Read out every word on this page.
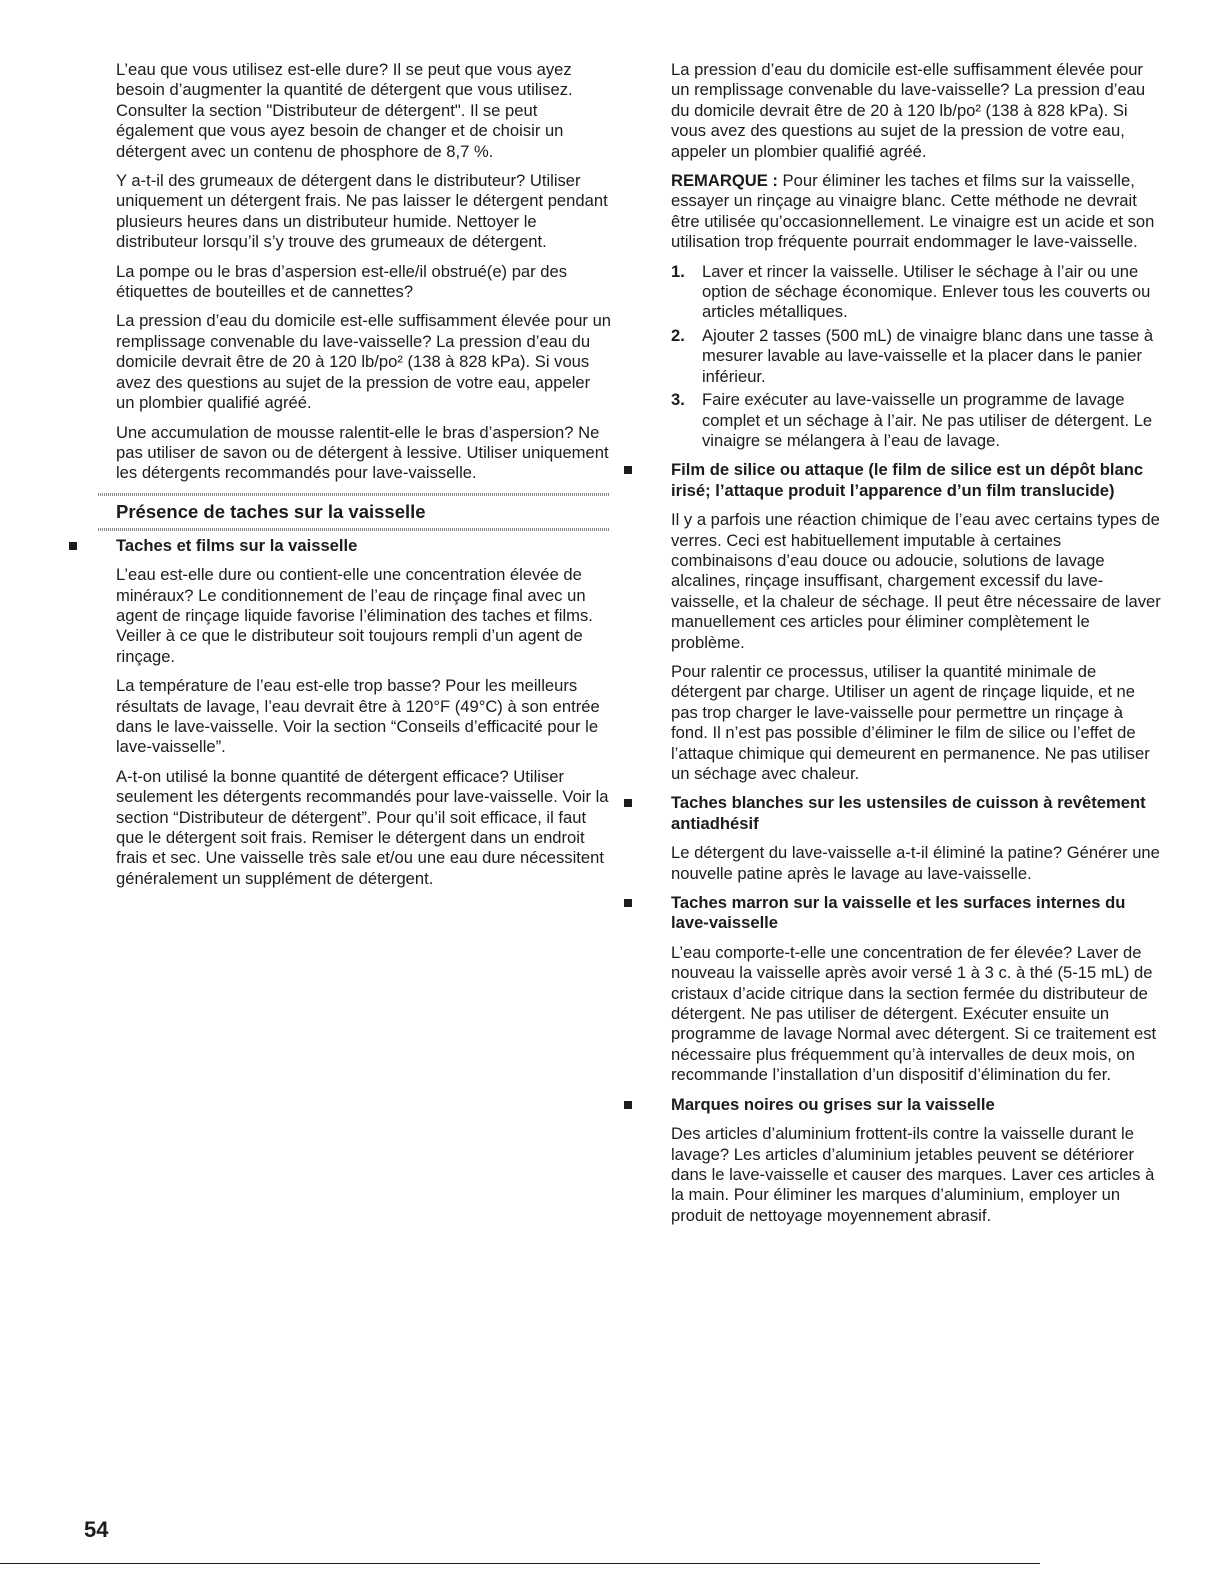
L’eau que vous utilisez est-elle dure? Il se peut que vous ayez besoin d’augmenter la quantité de détergent que vous utilisez. Consulter la section "Distributeur de détergent". Il se peut également que vous ayez besoin de changer et de choisir un détergent avec un contenu de phosphore de 8,7 %.

Y a-t-il des grumeaux de détergent dans le distributeur? Utiliser uniquement un détergent frais. Ne pas laisser le détergent pendant plusieurs heures dans un distributeur humide. Nettoyer le distributeur lorsqu’il s’y trouve des grumeaux de détergent.

La pompe ou le bras d’aspersion est-elle/il obstrué(e) par des étiquettes de bouteilles et de cannettes?

La pression d’eau du domicile est-elle suffisamment élevée pour un remplissage convenable du lave-vaisselle? La pression d’eau du domicile devrait être de 20 à 120 lb/po² (138 à 828 kPa). Si vous avez des questions au sujet de la pression de votre eau, appeler un plombier qualifié agréé.

Une accumulation de mousse ralentit-elle le bras d’aspersion? Ne pas utiliser de savon ou de détergent à lessive. Utiliser uniquement les détergents recommandés pour lave-vaisselle.

Présence de taches sur la vaisselle
Taches et films sur la vaisselle

L’eau est-elle dure ou contient-elle une concentration élevée de minéraux? Le conditionnement de l’eau de rinçage final avec un agent de rinçage liquide favorise l’élimination des taches et films. Veiller à ce que le distributeur soit toujours rempli d’un agent de rinçage.

La température de l’eau est-elle trop basse? Pour les meilleurs résultats de lavage, l’eau devrait être à 120°F (49°C) à son entrée dans le lave-vaisselle. Voir la section “Conseils d’efficacité pour le lave-vaisselle”.

A-t-on utilisé la bonne quantité de détergent efficace? Utiliser seulement les détergents recommandés pour lave-vaisselle. Voir la section “Distributeur de détergent”. Pour qu’il soit efficace, il faut que le détergent soit frais. Remiser le détergent dans un endroit frais et sec. Une vaisselle très sale et/ou une eau dure nécessitent généralement un supplément de détergent.

La pression d’eau du domicile est-elle suffisamment élevée pour un remplissage convenable du lave-vaisselle? La pression d’eau du domicile devrait être de 20 à 120 lb/po² (138 à 828 kPa). Si vous avez des questions au sujet de la pression de votre eau, appeler un plombier qualifié agréé.

REMARQUE : Pour éliminer les taches et films sur la vaisselle, essayer un rinçage au vinaigre blanc. Cette méthode ne devrait être utilisée qu’occasionnellement. Le vinaigre est un acide et son utilisation trop fréquente pourrait endommager le lave-vaisselle.

1. Laver et rincer la vaisselle. Utiliser le séchage à l’air ou une option de séchage économique. Enlever tous les couverts ou articles métalliques.
2. Ajouter 2 tasses (500 mL) de vinaigre blanc dans une tasse à mesurer lavable au lave-vaisselle et la placer dans le panier inférieur.
3. Faire exécuter au lave-vaisselle un programme de lavage complet et un séchage à l’air. Ne pas utiliser de détergent. Le vinaigre se mélangera à l’eau de lavage.
Film de silice ou attaque (le film de silice est un dépôt blanc irisé; l’attaque produit l’apparence d’un film translucide)

Il y a parfois une réaction chimique de l’eau avec certains types de verres. Ceci est habituellement imputable à certaines combinaisons d’eau douce ou adoucie, solutions de lavage alcalines, rinçage insuffisant, chargement excessif du lave-vaisselle, et la chaleur de séchage. Il peut être nécessaire de laver manuellement ces articles pour éliminer complètement le problème.

Pour ralentir ce processus, utiliser la quantité minimale de détergent par charge. Utiliser un agent de rinçage liquide, et ne pas trop charger le lave-vaisselle pour permettre un rinçage à fond. Il n’est pas possible d’éliminer le film de silice ou l’effet de l’attaque chimique qui demeurent en permanence. Ne pas utiliser un séchage avec chaleur.

Taches blanches sur les ustensiles de cuisson à revêtement antiadhésif

Le détergent du lave-vaisselle a-t-il éliminé la patine? Générer une nouvelle patine après le lavage au lave-vaisselle.

Taches marron sur la vaisselle et les surfaces internes du lave-vaisselle

L’eau comporte-t-elle une concentration de fer élevée? Laver de nouveau la vaisselle après avoir versé 1 à 3 c. à thé (5-15 mL) de cristaux d’acide citrique dans la section fermée du distributeur de détergent. Ne pas utiliser de détergent. Exécuter ensuite un programme de lavage Normal avec détergent. Si ce traitement est nécessaire plus fréquemment qu’à intervalles de deux mois, on recommande l’installation d’un dispositif d’élimination du fer.

Marques noires ou grises sur la vaisselle

Des articles d’aluminium frottent-ils contre la vaisselle durant le lavage? Les articles d’aluminium jetables peuvent se détériorer dans le lave-vaisselle et causer des marques. Laver ces articles à la main. Pour éliminer les marques d’aluminium, employer un produit de nettoyage moyennement abrasif.

54
